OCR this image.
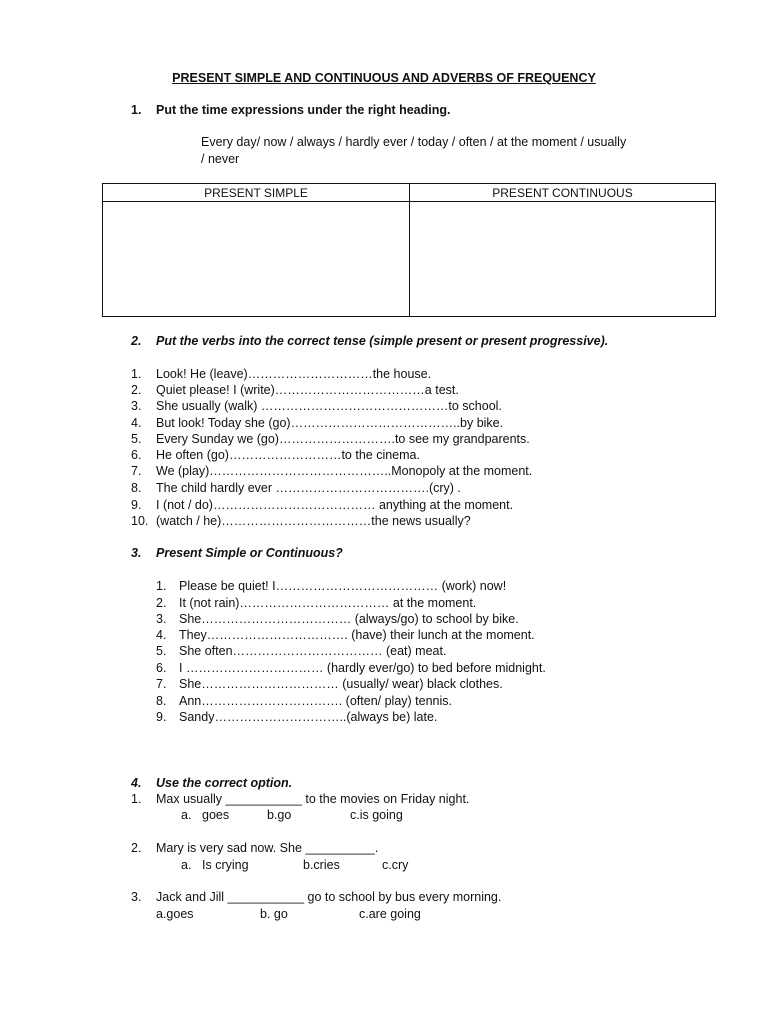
PRESENT SIMPLE AND CONTINUOUS AND ADVERBS OF FREQUENCY
1. Put the time expressions under the right heading.
Every day/ now / always / hardly ever / today / often / at the moment / usually
/ never
PRESENT SIMPLE	PRESENT CONTINUOUS

2. Put the verbs into the correct tense (simple present or present progressive).
1. Look! He (leave)…………………………the house.
2. Quiet please! I (write)………………………………a test.
3. She usually (walk) ………………………………………to school.
4. But look! Today she (go)…………………………………..by bike.
5. Every Sunday we (go)……………………….to see my grandparents.
6. He often (go)………………………to the cinema.
7. We (play)……………………………………..Monopoly at the moment.
8. The child hardly ever ……………………………….(cry) .
9. I (not / do)………………………………… anything at the moment.
10. (watch / he)………………………………the news usually?
3. Present Simple or Continuous?
1. Please be quiet! I………………………………… (work) now!
2. It (not rain)……………………………… at the moment.
3. She……………………………… (always/go) to school by bike.
4. They……………………………. (have) their lunch at the moment.
5. She often……………………………… (eat) meat.
6. I …………………………… (hardly ever/go) to bed before midnight.
7. She…………………………… (usually/ wear) black clothes.
8. Ann……………………………. (often/ play) tennis.
9. Sandy…………………………..(always be) late.
4. Use the correct option.
1. Max usually ___________ to the movies on Friday night.
a. goes	b.go	c.is going
2. Mary is very sad now. She __________.
a. Is crying	b.cries	c.cry
3. Jack and Jill ___________ go to school by bus every morning.
a.goes	b. go	c.are going
